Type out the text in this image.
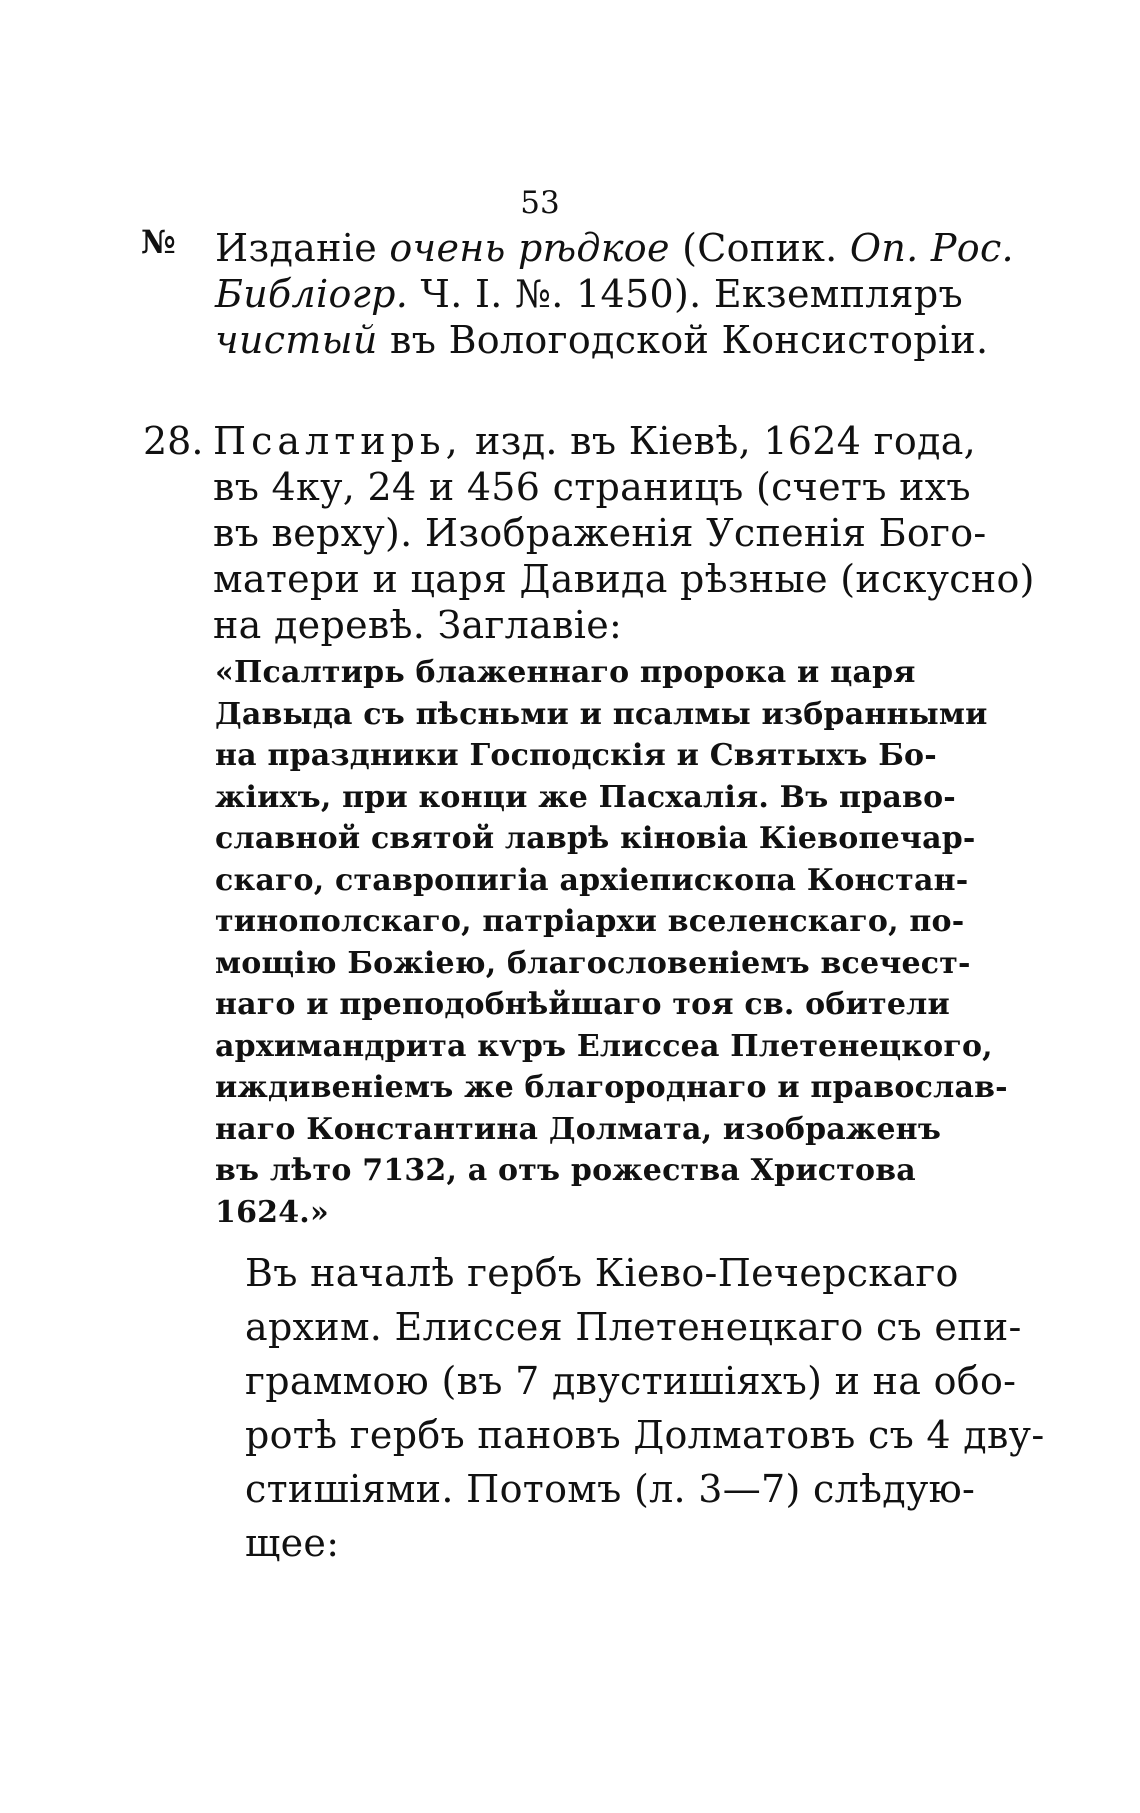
53
№ Изданіе очень рѣдкое (Сопик. Оп. Рос.
Библіогр. Ч. I. №. 1450). Екземпляръ
чистый въ Вологодской Консисторіи.
28. Псалтирь, изд. въ Кіевѣ, 1624 года,
въ 4ку, 24 и 456 страницъ (счетъ ихъ
въ верху). Изображенія Успенія Бого-
матери и царя Давида рѣзные (искусно)
на деревѣ. Заглавіе:
«Псалтирь блаженнаго пророка и царя
Давыда съ пѣсньми и псалмы избранными
на праздники Господскія и Святыхъ Бо-
жіихъ, при конци же Пасхалія. Въ право-
славной святой лаврѣ кіновіа Кіевопечар-
скаго, ставропигіа архіепископа Констан-
тинополскаго, патріархи вселенскаго, по-
мощію Божіею, благословеніемъ всечест-
наго и преподобнѣйшаго тоя св. обители
архимандрита кѵръ Елиссеа Плетенецкого,
иждивеніемъ же благороднаго и православ-
наго Константина Долмата, изображенъ
въ лѣто 7132, а отъ рожества Христова
1624.»
Въ началѣ гербъ Кіево-Печерскаго
архим. Елиссея Плетенецкаго съ епи-
граммою (въ 7 двустишіяхъ) и на обо-
ротѣ гербъ пановъ Долматовъ съ 4 дву-
стишіями. Потомъ (л. 3—7) слѣдую-
щее:
